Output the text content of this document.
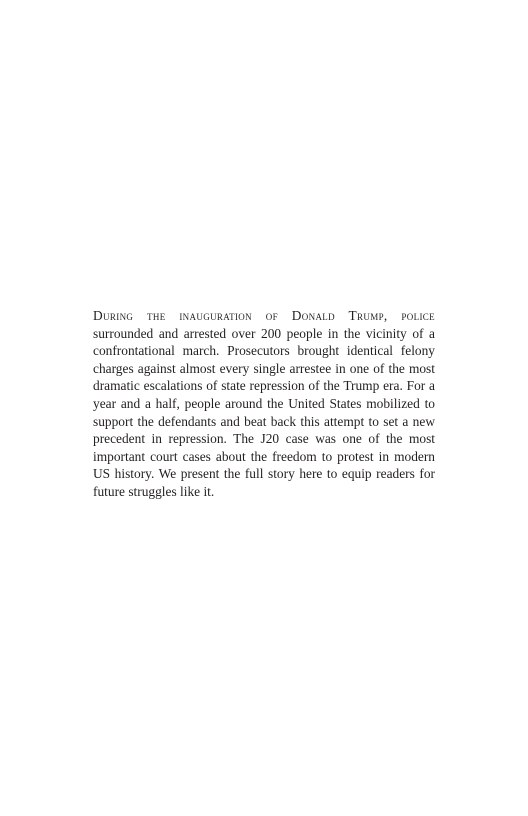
During the inauguration of Donald Trump, police surrounded and arrested over 200 people in the vicinity of a confrontational march. Prosecutors brought identical felony charges against almost every single arrestee in one of the most dramatic escalations of state repression of the Trump era. For a year and a half, people around the United States mobilized to support the defendants and beat back this attempt to set a new precedent in repression. The J20 case was one of the most important court cases about the freedom to protest in modern US history. We present the full story here to equip readers for future struggles like it.
